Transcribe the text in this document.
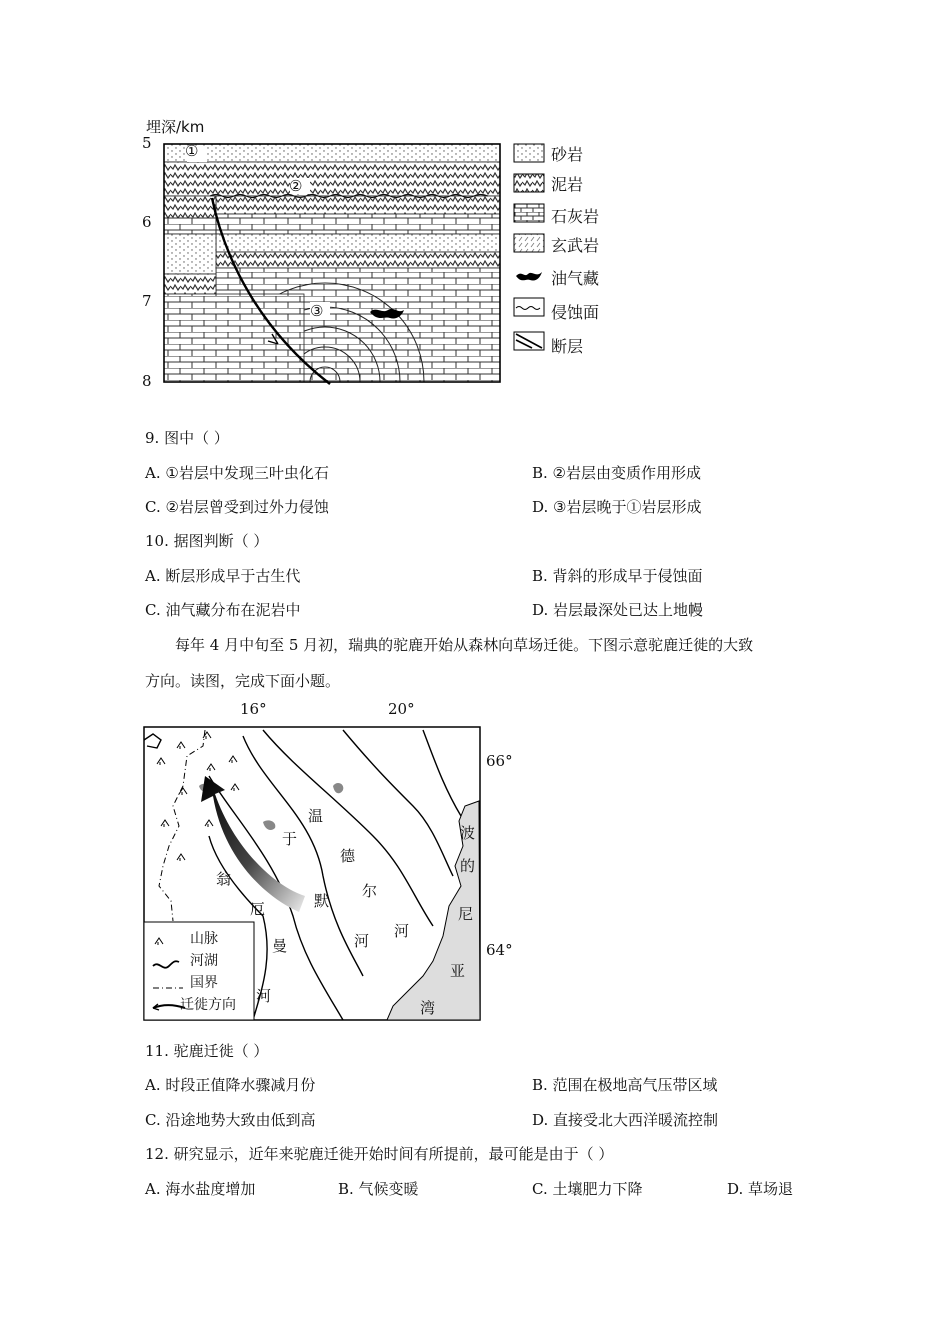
埋深/km
5
6
7
8
①
②
③
砂岩
泥岩
石灰岩
玄武岩
油气藏
侵蚀面
断层
9. 图中（ ）
A. ①岩层中发现三叶虫化石	B. ②岩层由变质作用形成
C. ②岩层曾受到过外力侵蚀	D. ③岩层晚于①岩层形成
10. 据图判断（ ）
A. 断层形成早于古生代	B. 背斜的形成早于侵蚀面
C. 油气藏分布在泥岩中	D. 岩层最深处已达上地幔
每年 4 月中旬至 5 月初，瑞典的驼鹿开始从森林向草场迁徙。下图示意驼鹿迁徙的大致
方向。读图，完成下面小题。
16°	20°
66°
64°
山脉
河湖
国界
迁徙方向
温
于
默
河
德
尔
河
翁
厄
曼
河
波
的
尼
亚
湾
11. 驼鹿迁徙（ ）
A. 时段正值降水骤减月份	B. 范围在极地高气压带区域
C. 沿途地势大致由低到高	D. 直接受北大西洋暖流控制
12. 研究显示，近年来驼鹿迁徙开始时间有所提前，最可能是由于（ ）
A. 海水盐度增加	B. 气候变暖	C. 土壤肥力下降	D. 草场退
